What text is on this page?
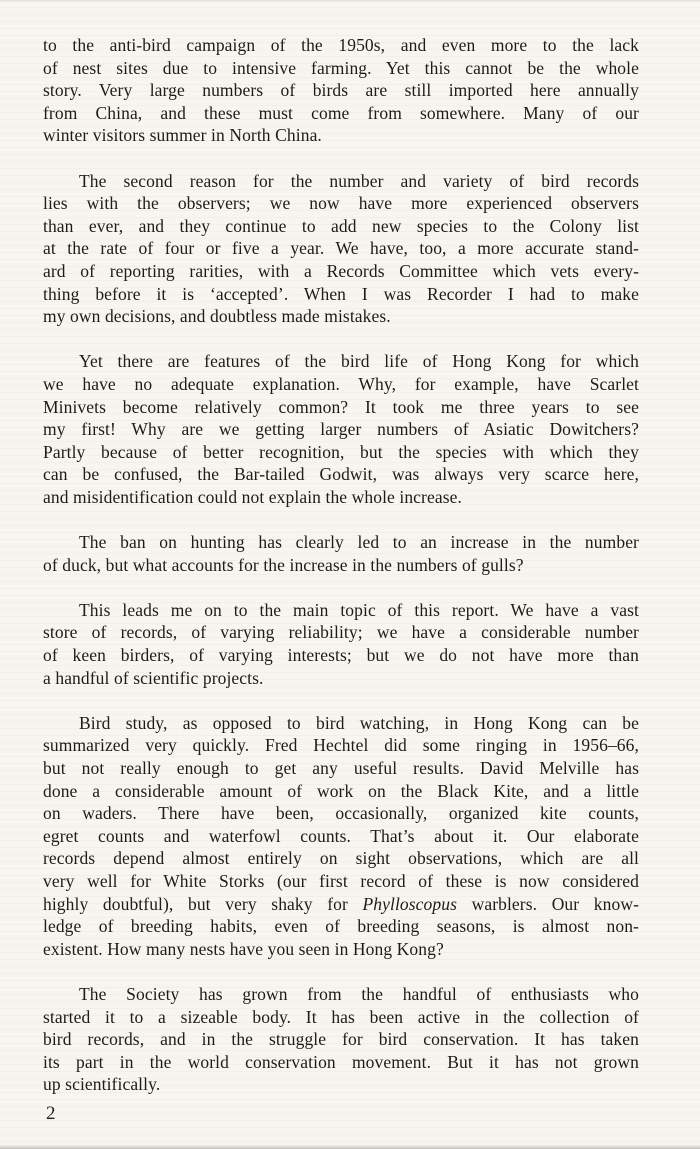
to the anti-bird campaign of the 1950s, and even more to the lack
of nest sites due to intensive farming. Yet this cannot be the whole
story. Very large numbers of birds are still imported here annually
from China, and these must come from somewhere. Many of our
winter visitors summer in North China.
The second reason for the number and variety of bird records
lies with the observers; we now have more experienced observers
than ever, and they continue to add new species to the Colony list
at the rate of four or five a year. We have, too, a more accurate stand-
ard of reporting rarities, with a Records Committee which vets every-
thing before it is ‘accepted’. When I was Recorder I had to make
my own decisions, and doubtless made mistakes.
Yet there are features of the bird life of Hong Kong for which
we have no adequate explanation. Why, for example, have Scarlet
Minivets become relatively common? It took me three years to see
my first! Why are we getting larger numbers of Asiatic Dowitchers?
Partly because of better recognition, but the species with which they
can be confused, the Bar-tailed Godwit, was always very scarce here,
and misidentification could not explain the whole increase.
The ban on hunting has clearly led to an increase in the number
of duck, but what accounts for the increase in the numbers of gulls?
This leads me on to the main topic of this report. We have a vast
store of records, of varying reliability; we have a considerable number
of keen birders, of varying interests; but we do not have more than
a handful of scientific projects.
Bird study, as opposed to bird watching, in Hong Kong can be
summarized very quickly. Fred Hechtel did some ringing in 1956–66,
but not really enough to get any useful results. David Melville has
done a considerable amount of work on the Black Kite, and a little
on waders. There have been, occasionally, organized kite counts,
egret counts and waterfowl counts. That’s about it. Our elaborate
records depend almost entirely on sight observations, which are all
very well for White Storks (our first record of these is now considered
highly doubtful), but very shaky for Phylloscopus warblers. Our know-
ledge of breeding habits, even of breeding seasons, is almost non-
existent. How many nests have you seen in Hong Kong?
The Society has grown from the handful of enthusiasts who
started it to a sizeable body. It has been active in the collection of
bird records, and in the struggle for bird conservation. It has taken
its part in the world conservation movement. But it has not grown
up scientifically.
2
